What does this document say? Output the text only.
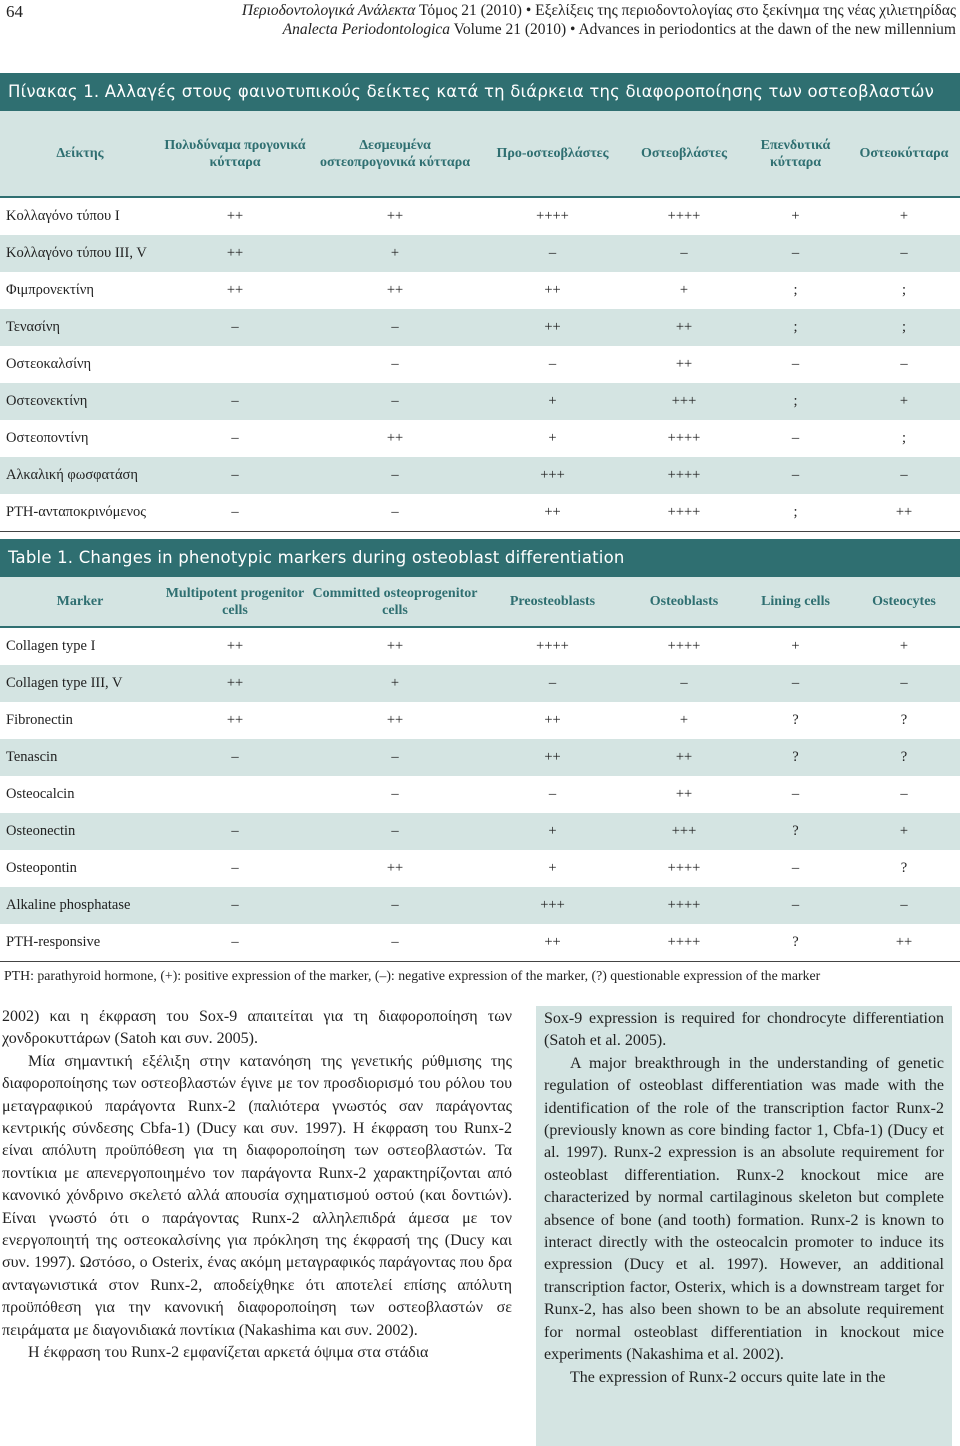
64	Περιοδοντολογικά Ανάλεκτα Τόμος 21 (2010) • Εξελίξεις της περιοδοντολογίας στο ξεκίνημα της νέας χιλιετηρίδας
Analecta Periodontologica Volume 21 (2010) • Advances in periodontics at the dawn of the new millennium
Πίνακας 1. Αλλαγές στους φαινοτυπικούς δείκτες κατά τη διάρκεια της διαφοροποίησης των οστεοβλαστών
Δείκτης	Πολυδύναμα προγονικά κύτταρα	Δεσμευμένα οστεοπρογονικά κύτταρα	Προ-οστεοβλάστες	Οστεοβλάστες	Επενδυτικά κύτταρα	Οστεοκύτταρα
Κολλαγόνο τύπου I	++	++	++++	++++	+	+
Κολλαγόνο τύπου III, V	++	+	–	–	–	–
Φιμπρονεκτίνη	++	++	++	+	;	;
Τενασίνη	–	–	++	++	;	;
Οστεοκαλσίνη		–	–	++	–	–
Οστεονεκτίνη	–	–	+	+++	;	+
Οστεοποντίνη	–	++	+	++++	–	;
Αλκαλική φωσφατάση	–	–	+++	++++	–	–
PTH-ανταποκρινόμενος	–	–	++	++++	;	++
Table 1. Changes in phenotypic markers during osteoblast differentiation
Marker	Multipotent progenitor cells	Committed osteoprogenitor cells	Preosteoblasts	Osteoblasts	Lining cells	Osteocytes
Collagen type I	++	++	++++	++++	+	+
Collagen type III, V	++	+	–	–	–	–
Fibronectin	++	++	++	+	?	?
Tenascin	–	–	++	++	?	?
Osteocalcin		–	–	++	–	–
Osteonectin	–	–	+	+++	?	+
Osteopontin	–	++	+	++++	–	?
Alkaline phosphatase	–	–	+++	++++	–	–
PTH-responsive	–	–	++	++++	?	++
PTH: parathyroid hormone, (+): positive expression of the marker, (–): negative expression of the marker, (?) questionable expression of the marker

2002) και η έκφραση του Sox-9 απαιτείται για τη διαφοροποίηση των χονδροκυττάρων (Satoh και συν. 2005).

Μία σημαντική εξέλιξη στην κατανόηση της γενετικής ρύθμισης της διαφοροποίησης των οστεοβλαστών έγινε με τον προσδιορισμό του ρόλου του μεταγραφικού παράγοντα Runx-2 (παλιότερα γνωστός σαν παράγοντας κεντρικής σύνδεσης Cbfa-1) (Ducy και συν. 1997). Η έκφραση του Runx-2 είναι απόλυτη προϋπόθεση για τη διαφοροποίηση των οστεοβλαστών. Τα ποντίκια με απενεργοποιημένο τον παράγοντα Runx-2 χαρακτηρίζονται από κανονικό χόνδρινο σκελετό αλλά απουσία σχηματισμού οστού (και δοντιών). Είναι γνωστό ότι ο παράγοντας Runx-2 αλληλεπιδρά άμεσα με τον ενεργοποιητή της οστεοκαλσίνης για πρόκληση της έκφρασή της (Ducy και συν. 1997). Ωστόσο, ο Osterix, ένας ακόμη μεταγραφικός παράγοντας που δρα ανταγωνιστικά στον Runx-2, αποδείχθηκε ότι αποτελεί επίσης απόλυτη προϋπόθεση για την κανονική διαφοροποίηση των οστεοβλαστών σε πειράματα με διαγονιδιακά ποντίκια (Nakashima και συν. 2002).

Η έκφραση του Runx-2 εμφανίζεται αρκετά όψιμα στα στάδια

Sox-9 expression is required for chondrocyte differentiation (Satoh et al. 2005).

A major breakthrough in the understanding of genetic regulation of osteoblast differentiation was made with the identification of the role of the transcription factor Runx-2 (previously known as core binding factor 1, Cbfa-1) (Ducy et al. 1997). Runx-2 expression is an absolute requirement for osteoblast differentiation. Runx-2 knockout mice are characterized by normal cartilaginous skeleton but complete absence of bone (and tooth) formation. Runx-2 is known to interact directly with the osteocalcin promoter to induce its expression (Ducy et al. 1997). However, an additional transcription factor, Osterix, which is a downstream target for Runx-2, has also been shown to be an absolute requirement for normal osteoblast differentiation in knockout mice experiments (Nakashima et al. 2002).

The expression of Runx-2 occurs quite late in the
